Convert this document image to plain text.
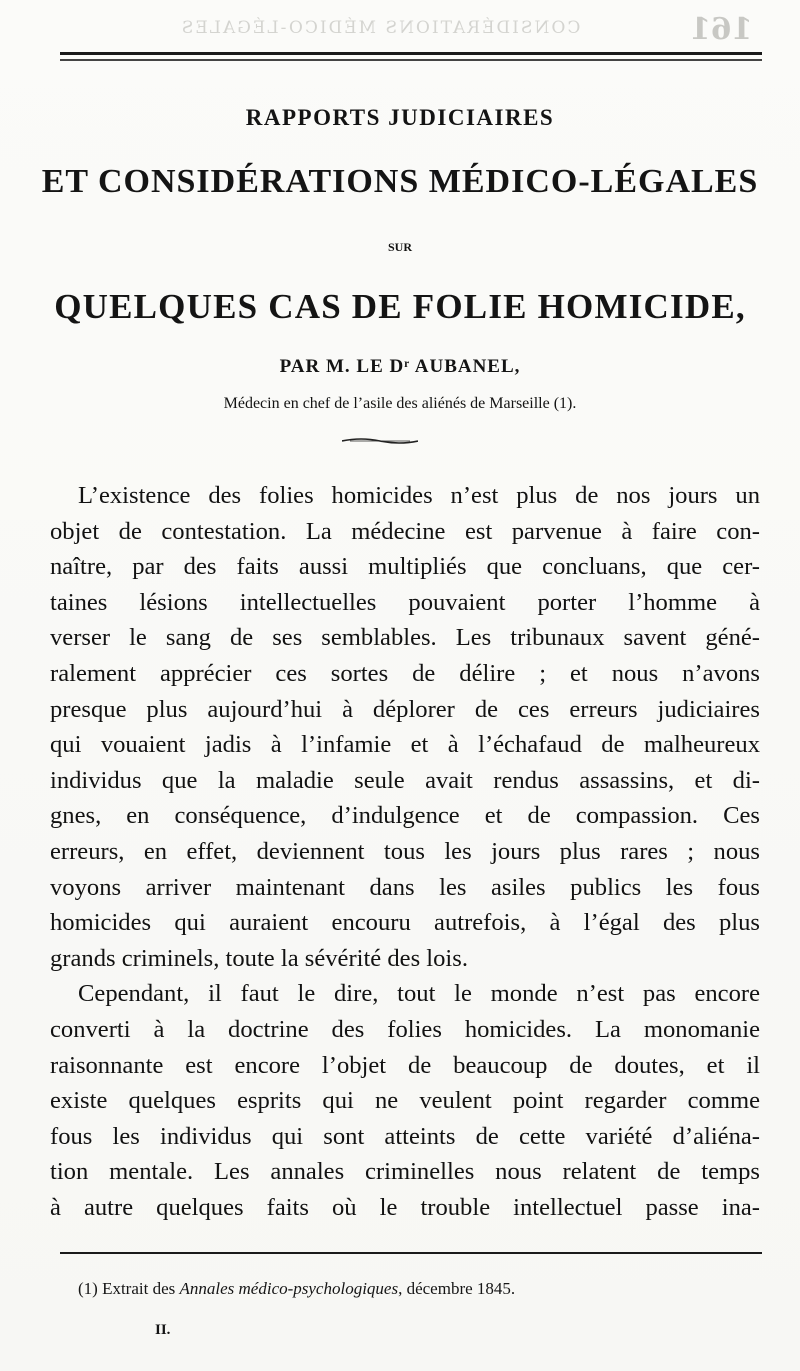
CONSIDÉRATIONS MÉDICO-LÉGALES	161
RAPPORTS JUDICIAIRES
ET CONSIDÉRATIONS MÉDICO-LÉGALES
SUR
QUELQUES CAS DE FOLIE HOMICIDE,
PAR M. LE Dʳ AUBANEL,
Médecin en chef de l’asile des aliénés de Marseille (1).
L’existence des folies homicides n’est plus de nos jours un
objet de contestation. La médecine est parvenue à faire con-
naître, par des faits aussi multipliés que concluans, que cer-
taines lésions intellectuelles pouvaient porter l’homme à
verser le sang de ses semblables. Les tribunaux savent géné-
ralement apprécier ces sortes de délire ; et nous n’avons
presque plus aujourd’hui à déplorer de ces erreurs judiciaires
qui vouaient jadis à l’infamie et à l’échafaud de malheureux
individus que la maladie seule avait rendus assassins, et di-
gnes, en conséquence, d’indulgence et de compassion. Ces
erreurs, en effet, deviennent tous les jours plus rares ; nous
voyons arriver maintenant dans les asiles publics les fous
homicides qui auraient encouru autrefois, à l’égal des plus
grands criminels, toute la sévérité des lois.
Cependant, il faut le dire, tout le monde n’est pas encore
converti à la doctrine des folies homicides. La monomanie
raisonnante est encore l’objet de beaucoup de doutes, et il
existe quelques esprits qui ne veulent point regarder comme
fous les individus qui sont atteints de cette variété d’aliéna-
tion mentale. Les annales criminelles nous relatent de temps
à autre quelques faits où le trouble intellectuel passe ina-
(1) Extrait des Annales médico-psychologiques, décembre 1845.
II.
